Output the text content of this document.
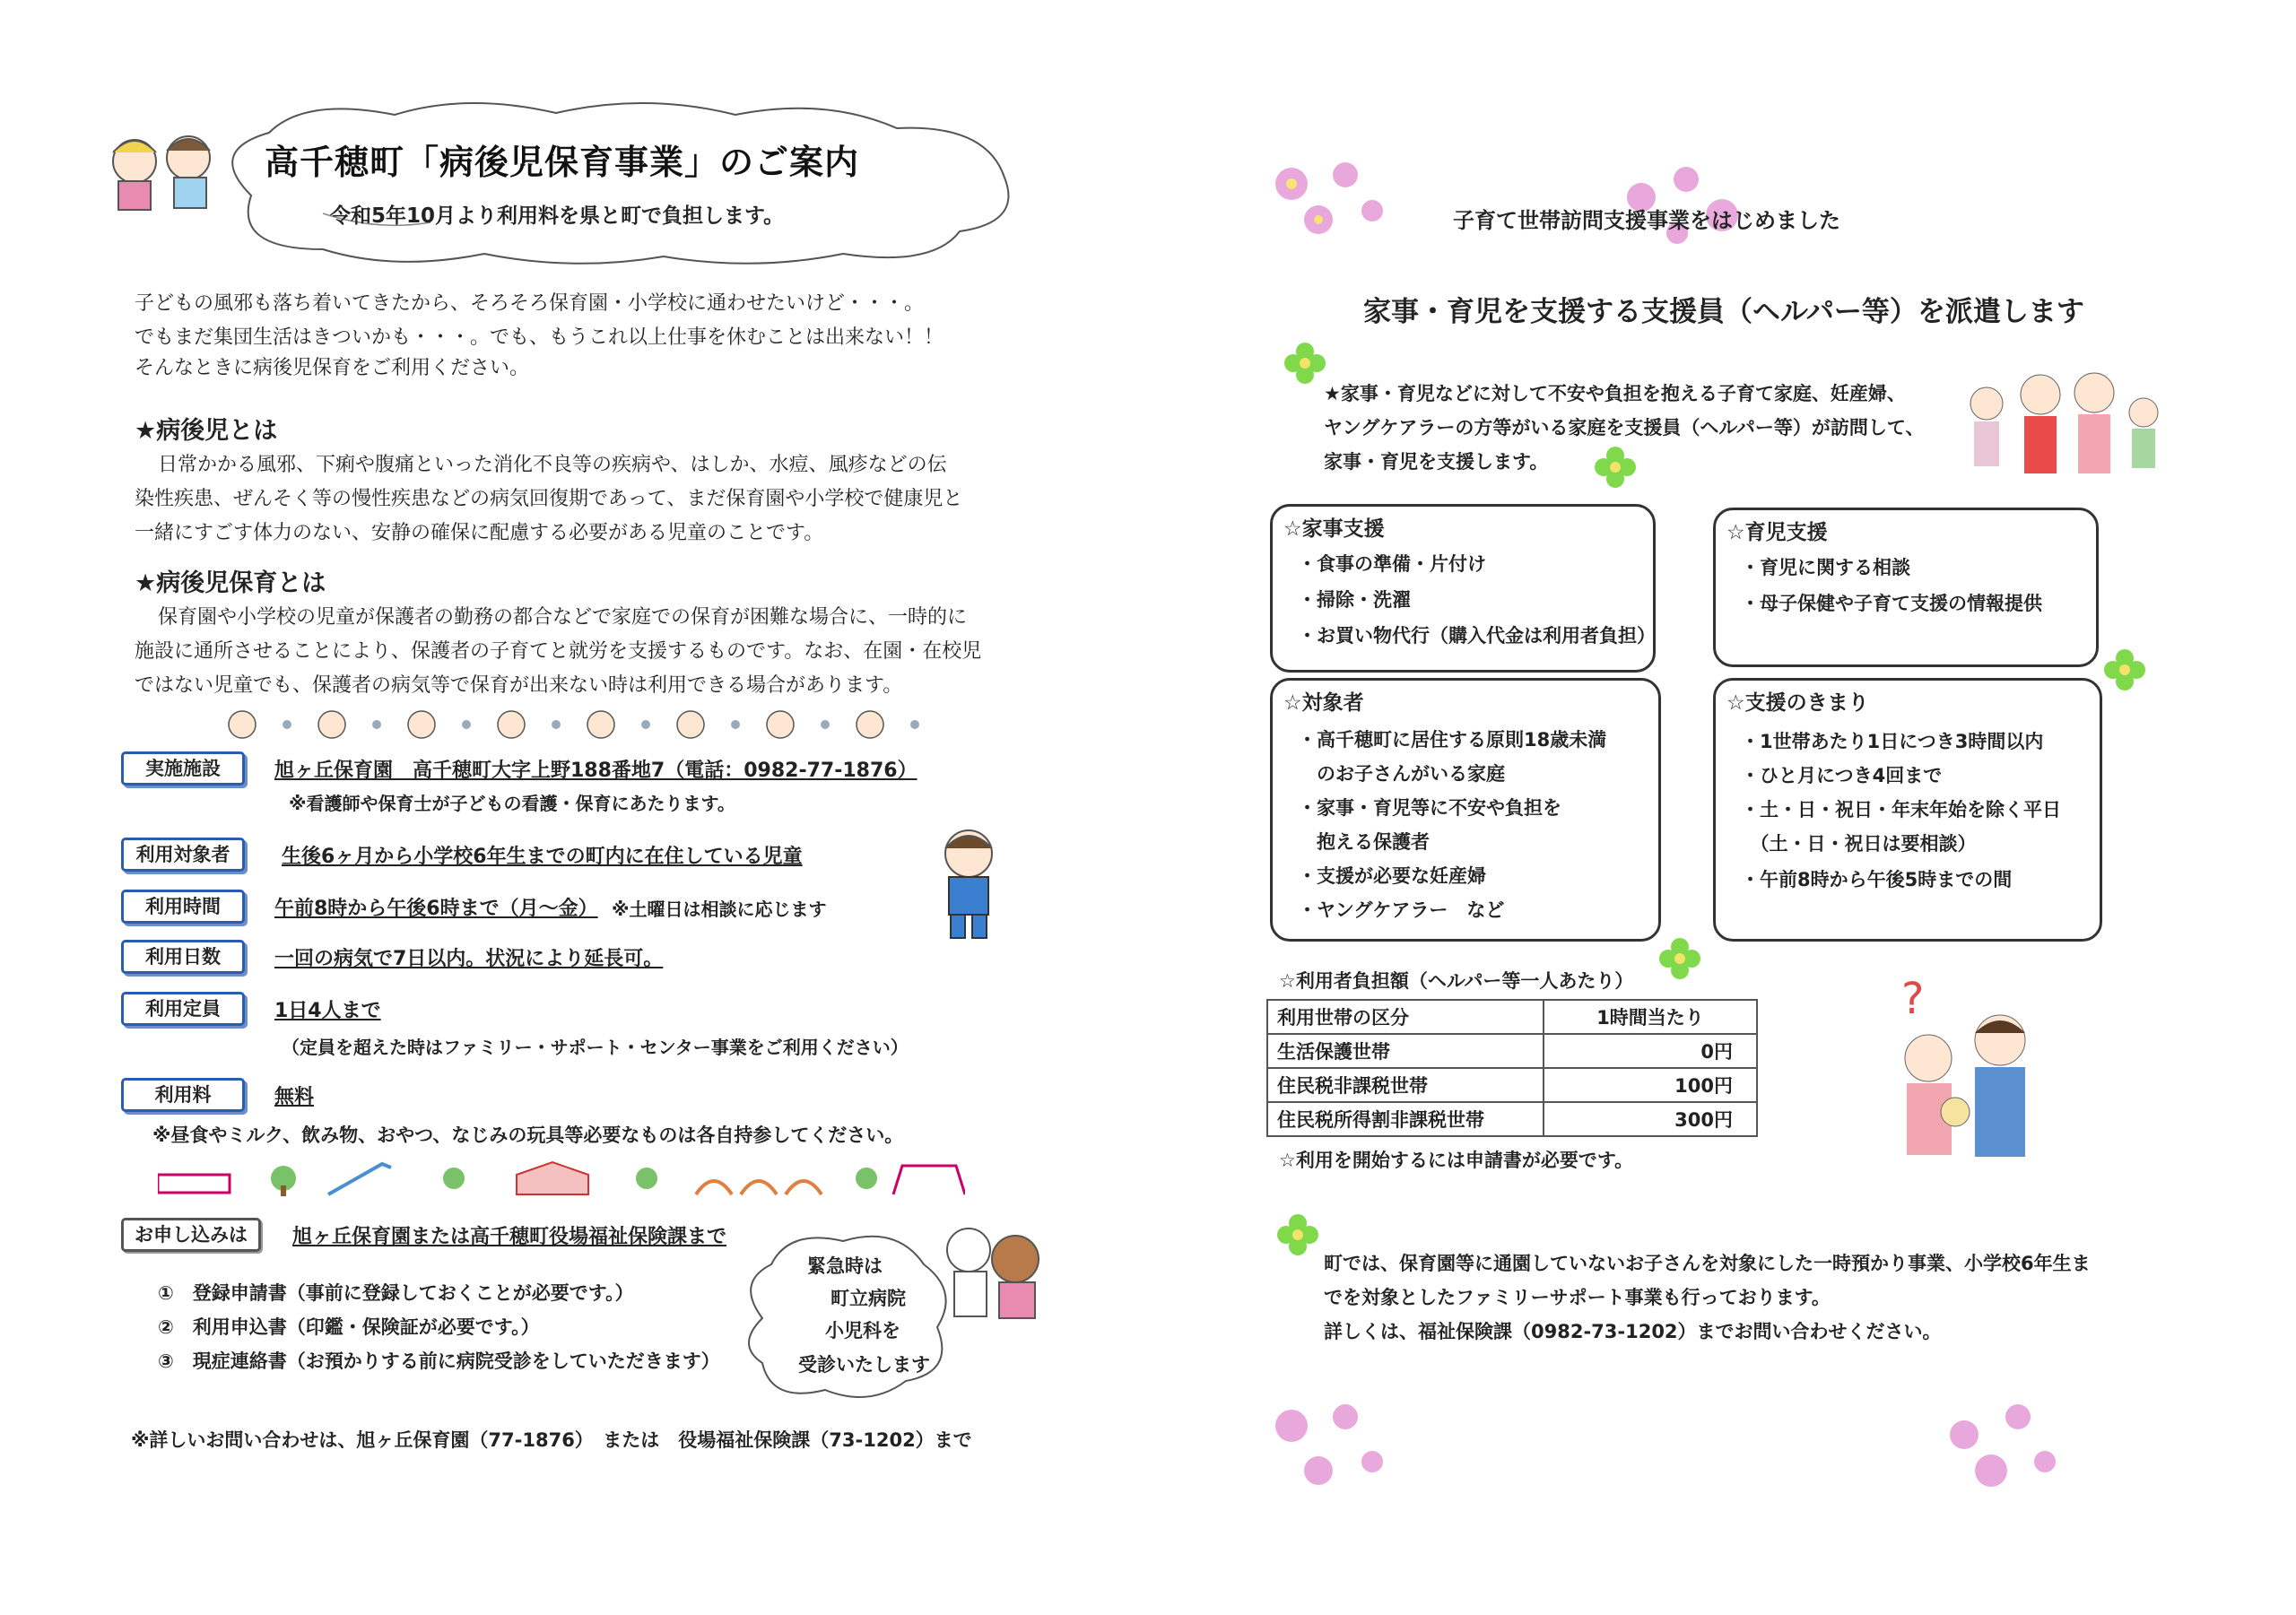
高千穂町「病後児保育事業」のご案内
令和5年10月より利用料を県と町で負担します。
子どもの風邪も落ち着いてきたから、そろそろ保育園・小学校に通わせたいけど・・・。
でもまだ集団生活はきついかも・・・。でも、もうこれ以上仕事を休むことは出来ない！！
そんなときに病後児保育をご利用ください。
★病後児とは
日常かかる風邪、下痢や腹痛といった消化不良等の疾病や、はしか、水痘、風疹などの伝
染性疾患、ぜんそく等の慢性疾患などの病気回復期であって、まだ保育園や小学校で健康児と
一緒にすごす体力のない、安静の確保に配慮する必要がある児童のことです。
★病後児保育とは
保育園や小学校の児童が保護者の勤務の都合などで家庭での保育が困難な場合に、一時的に
施設に通所させることにより、保護者の子育てと就労を支援するものです。なお、在園・在校児
ではない児童でも、保護者の病気等で保育が出来ない時は利用できる場合があります。
実施施設	旭ヶ丘保育園　高千穂町大字上野188番地7（電話：0982-77-1876）
※看護師や保育士が子どもの看護・保育にあたります。
利用対象者	生後6ヶ月から小学校6年生までの町内に在住している児童
利用時間	午前8時から午後6時まで（月～金） ※土曜日は相談に応じます
利用日数	一回の病気で7日以内。状況により延長可。
利用定員	1日4人まで
（定員を超えた時はファミリー・サポート・センター事業をご利用ください）
利用料	無料
※昼食やミルク、飲み物、おやつ、なじみの玩具等必要なものは各自持参してください。
お申し込みは	旭ヶ丘保育園または高千穂町役場福祉保険課まで
①　登録申請書（事前に登録しておくことが必要です。）
②　利用申込書（印鑑・保険証が必要です。）
③　現症連絡書（お預かりする前に病院受診をしていただきます）
緊急時は
町立病院
小児科を
受診いたします
※詳しいお問い合わせは、旭ヶ丘保育園（77-1876）　または　役場福祉保険課（73-1202）まで
子育て世帯訪問支援事業をはじめました
家事・育児を支援する支援員（ヘルパー等）を派遣します
★家事・育児などに対して不安や負担を抱える子育て家庭、妊産婦、
ヤングケアラーの方等がいる家庭を支援員（ヘルパー等）が訪問して、
家事・育児を支援します。
☆家事支援
・食事の準備・片付け
・掃除・洗濯
・お買い物代行（購入代金は利用者負担）
☆育児支援
・育児に関する相談
・母子保健や子育て支援の情報提供
☆対象者
・高千穂町に居住する原則18歳未満
　のお子さんがいる家庭
・家事・育児等に不安や負担を
　抱える保護者
・支援が必要な妊産婦
・ヤングケアラー　など
☆支援のきまり
・1世帯あたり1日につき3時間以内
・ひと月につき4回まで
・土・日・祝日・年末年始を除く平日
　（土・日・祝日は要相談）
・午前8時から午後5時までの間
☆利用者負担額（ヘルパー等一人あたり）
利用世帯の区分	1時間当たり
生活保護世帯	0円
住民税非課税世帯	100円
住民税所得割非課税世帯	300円
☆利用を開始するには申請書が必要です。
?
町では、保育園等に通園していないお子さんを対象にした一時預かり事業、小学校6年生ま
でを対象としたファミリーサポート事業も行っております。
詳しくは、福祉保険課（0982-73-1202）までお問い合わせください。
